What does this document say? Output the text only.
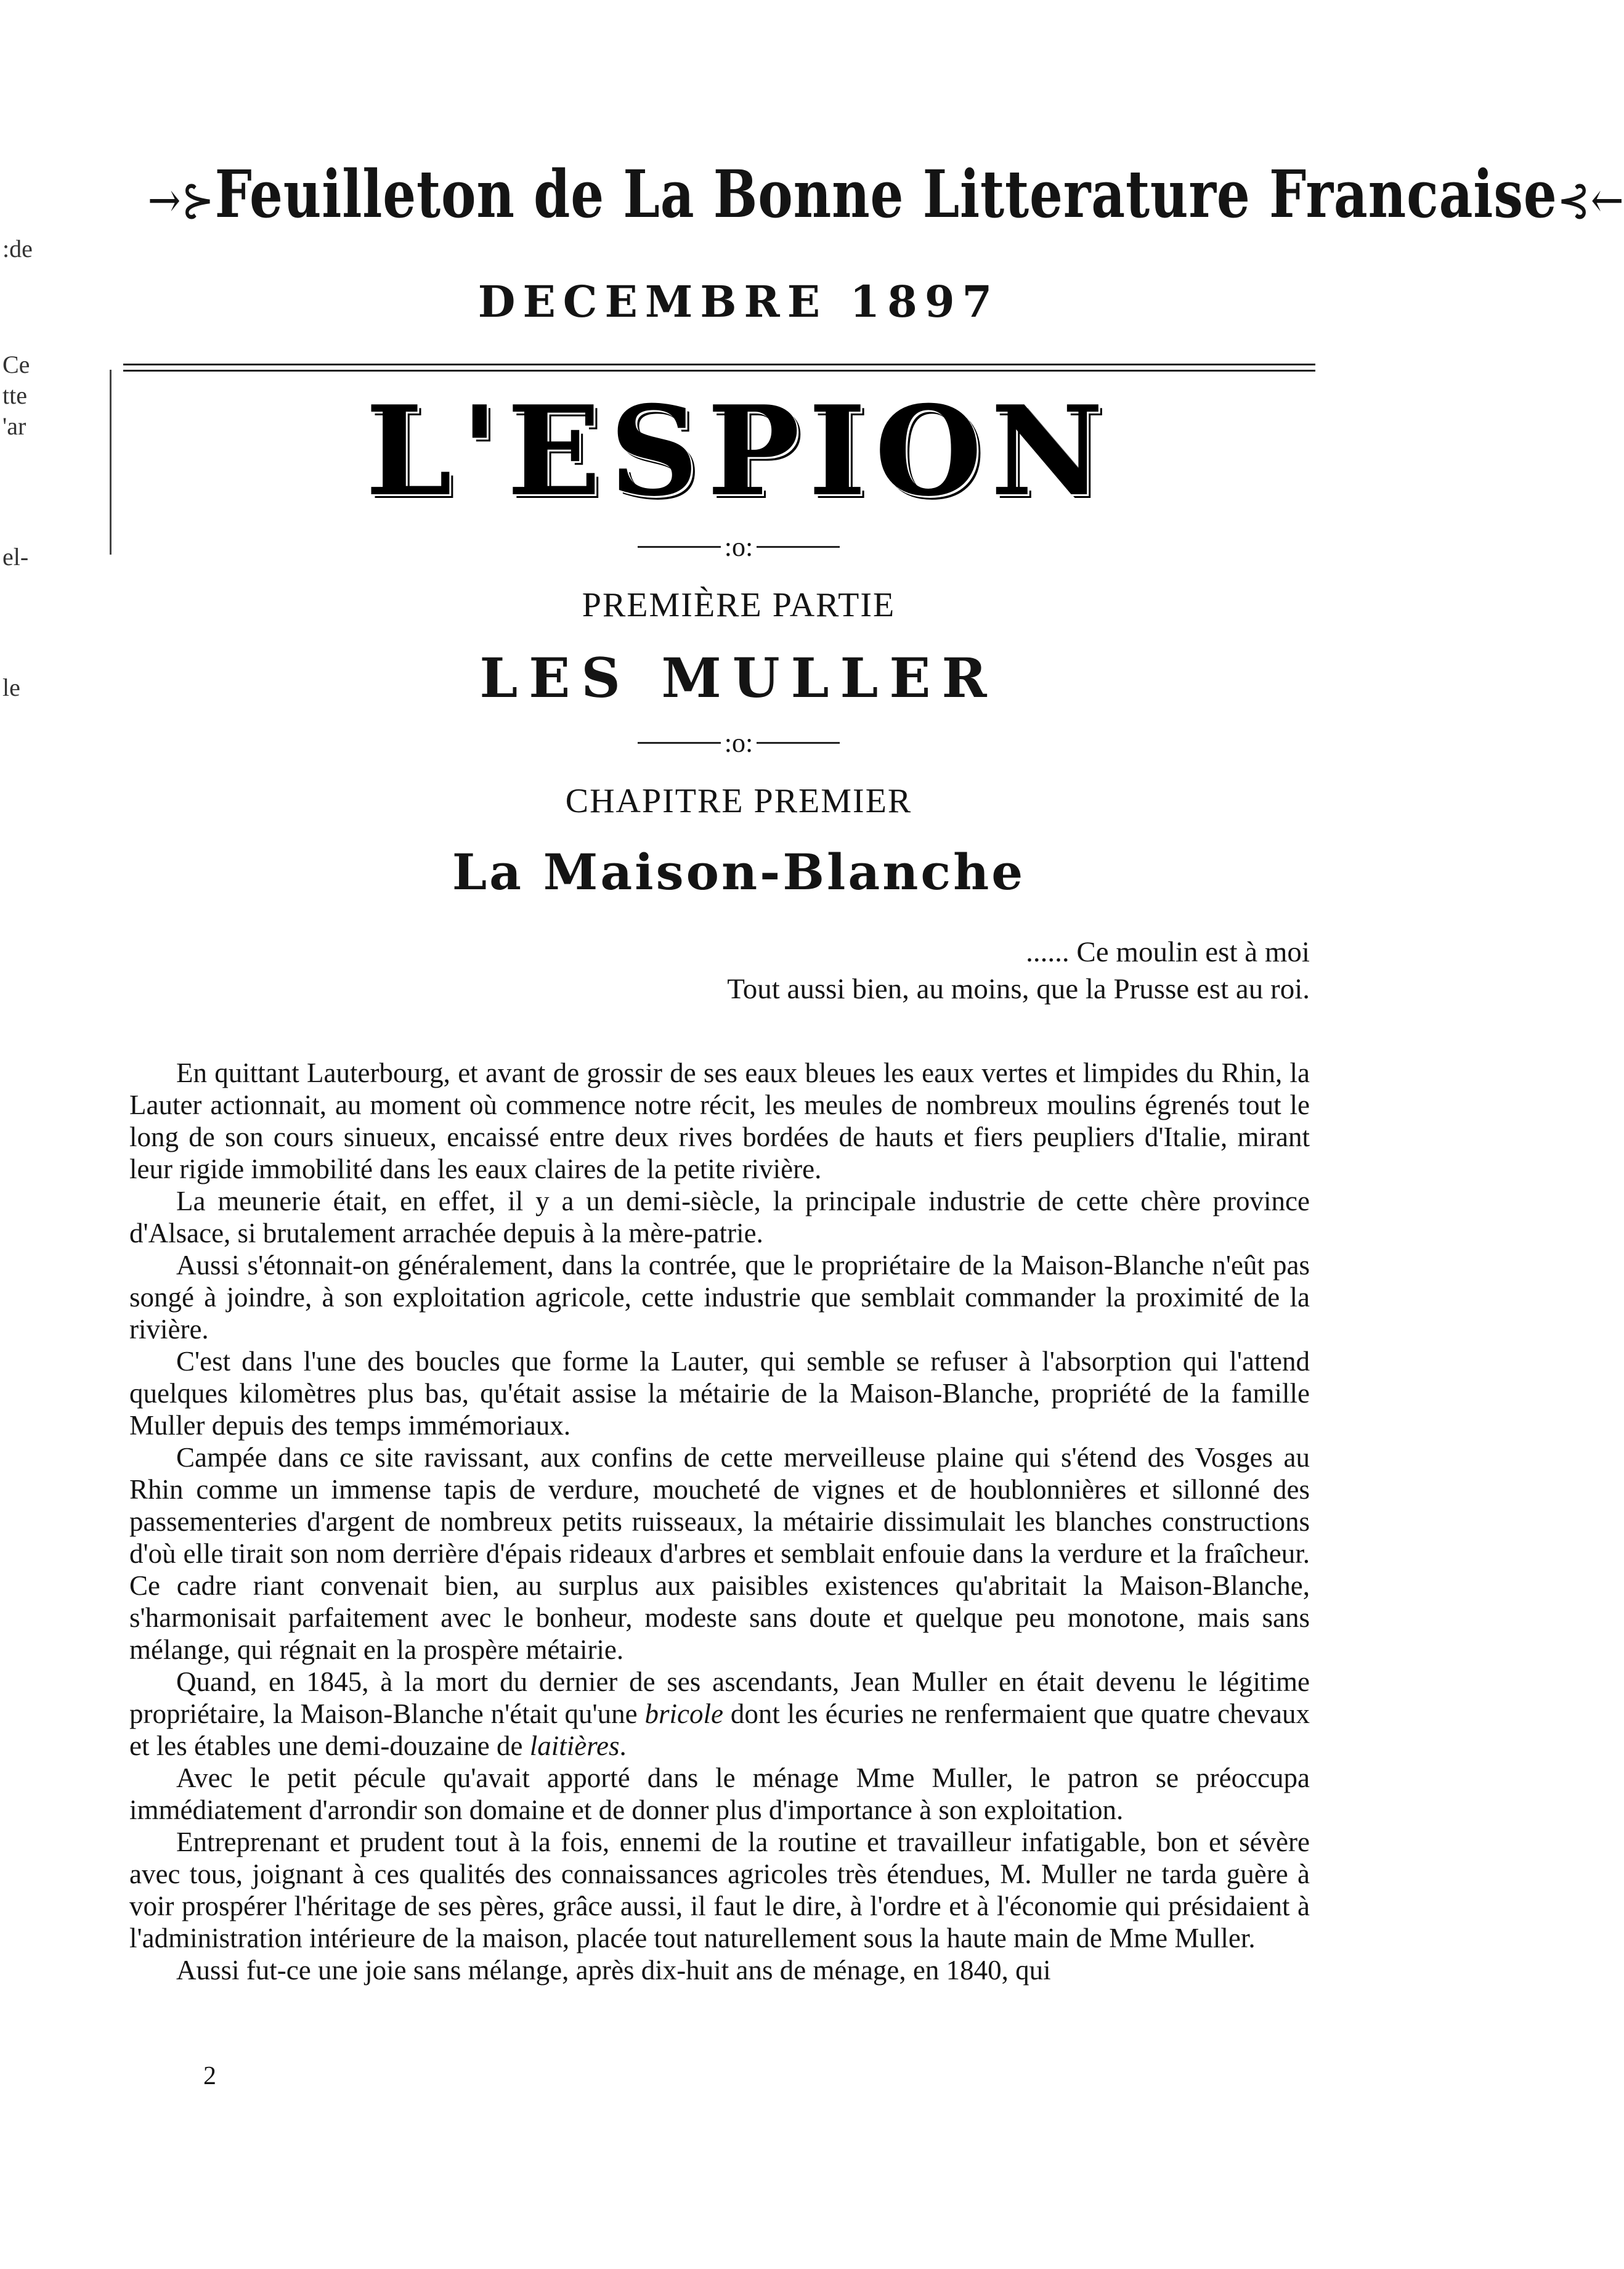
:de
Ce
tte
'ar
el-
le
→⊱Feuilleton de La Bonne Litterature Francaise⊰←
DECEMBRE 1897
L'ESPION
:o:
PREMIÈRE PARTIE
LES MULLER
:o:
CHAPITRE PREMIER
La Maison-Blanche
...... Ce moulin est à moi
Tout aussi bien, au moins, que la Prusse est au roi.

En quittant Lauterbourg, et avant de grossir de ses eaux bleues les eaux vertes et limpides du Rhin, la Lauter actionnait, au moment où commence notre récit, les meules de nombreux moulins égrenés tout le long de son cours sinueux, encaissé entre deux rives bordées de hauts et fiers peupliers d'Italie, mirant leur rigide immobilité dans les eaux claires de la petite rivière.

La meunerie était, en effet, il y a un demi-siècle, la principale industrie de cette chère province d'Alsace, si brutalement arrachée depuis à la mère-patrie.

Aussi s'étonnait-on généralement, dans la contrée, que le propriétaire de la Maison-Blanche n'eût pas songé à joindre, à son exploitation agricole, cette industrie que semblait commander la proximité de la rivière.

C'est dans l'une des boucles que forme la Lauter, qui semble se refuser à l'absorption qui l'attend quelques kilomètres plus bas, qu'était assise la métairie de la Maison-Blanche, propriété de la famille Muller depuis des temps immémoriaux.

Campée dans ce site ravissant, aux confins de cette merveilleuse plaine qui s'étend des Vosges au Rhin comme un immense tapis de verdure, moucheté de vignes et de houblonnières et sillonné des passementeries d'argent de nombreux petits ruisseaux, la métairie dissimulait les blanches constructions d'où elle tirait son nom derrière d'épais rideaux d'arbres et semblait enfouie dans la verdure et la fraîcheur. Ce cadre riant convenait bien, au surplus aux paisibles existences qu'abritait la Maison-Blanche, s'harmonisait parfaitement avec le bonheur, modeste sans doute et quelque peu monotone, mais sans mélange, qui régnait en la prospère métairie.

Quand, en 1845, à la mort du dernier de ses ascendants, Jean Muller en était devenu le légitime propriétaire, la Maison-Blanche n'était qu'une bricole dont les écuries ne renfermaient que quatre chevaux et les étables une demi-douzaine de laitières.

Avec le petit pécule qu'avait apporté dans le ménage Mme Muller, le patron se préoccupa immédiatement d'arrondir son domaine et de donner plus d'importance à son exploitation.

Entreprenant et prudent tout à la fois, ennemi de la routine et travailleur infatigable, bon et sévère avec tous, joignant à ces qualités des connaissances agricoles très étendues, M. Muller ne tarda guère à voir prospérer l'héritage de ses pères, grâce aussi, il faut le dire, à l'ordre et à l'économie qui présidaient à l'administration intérieure de la maison, placée tout naturellement sous la haute main de Mme Muller.

Aussi fut-ce une joie sans mélange, après dix-huit ans de ménage, en 1840, qui

2
